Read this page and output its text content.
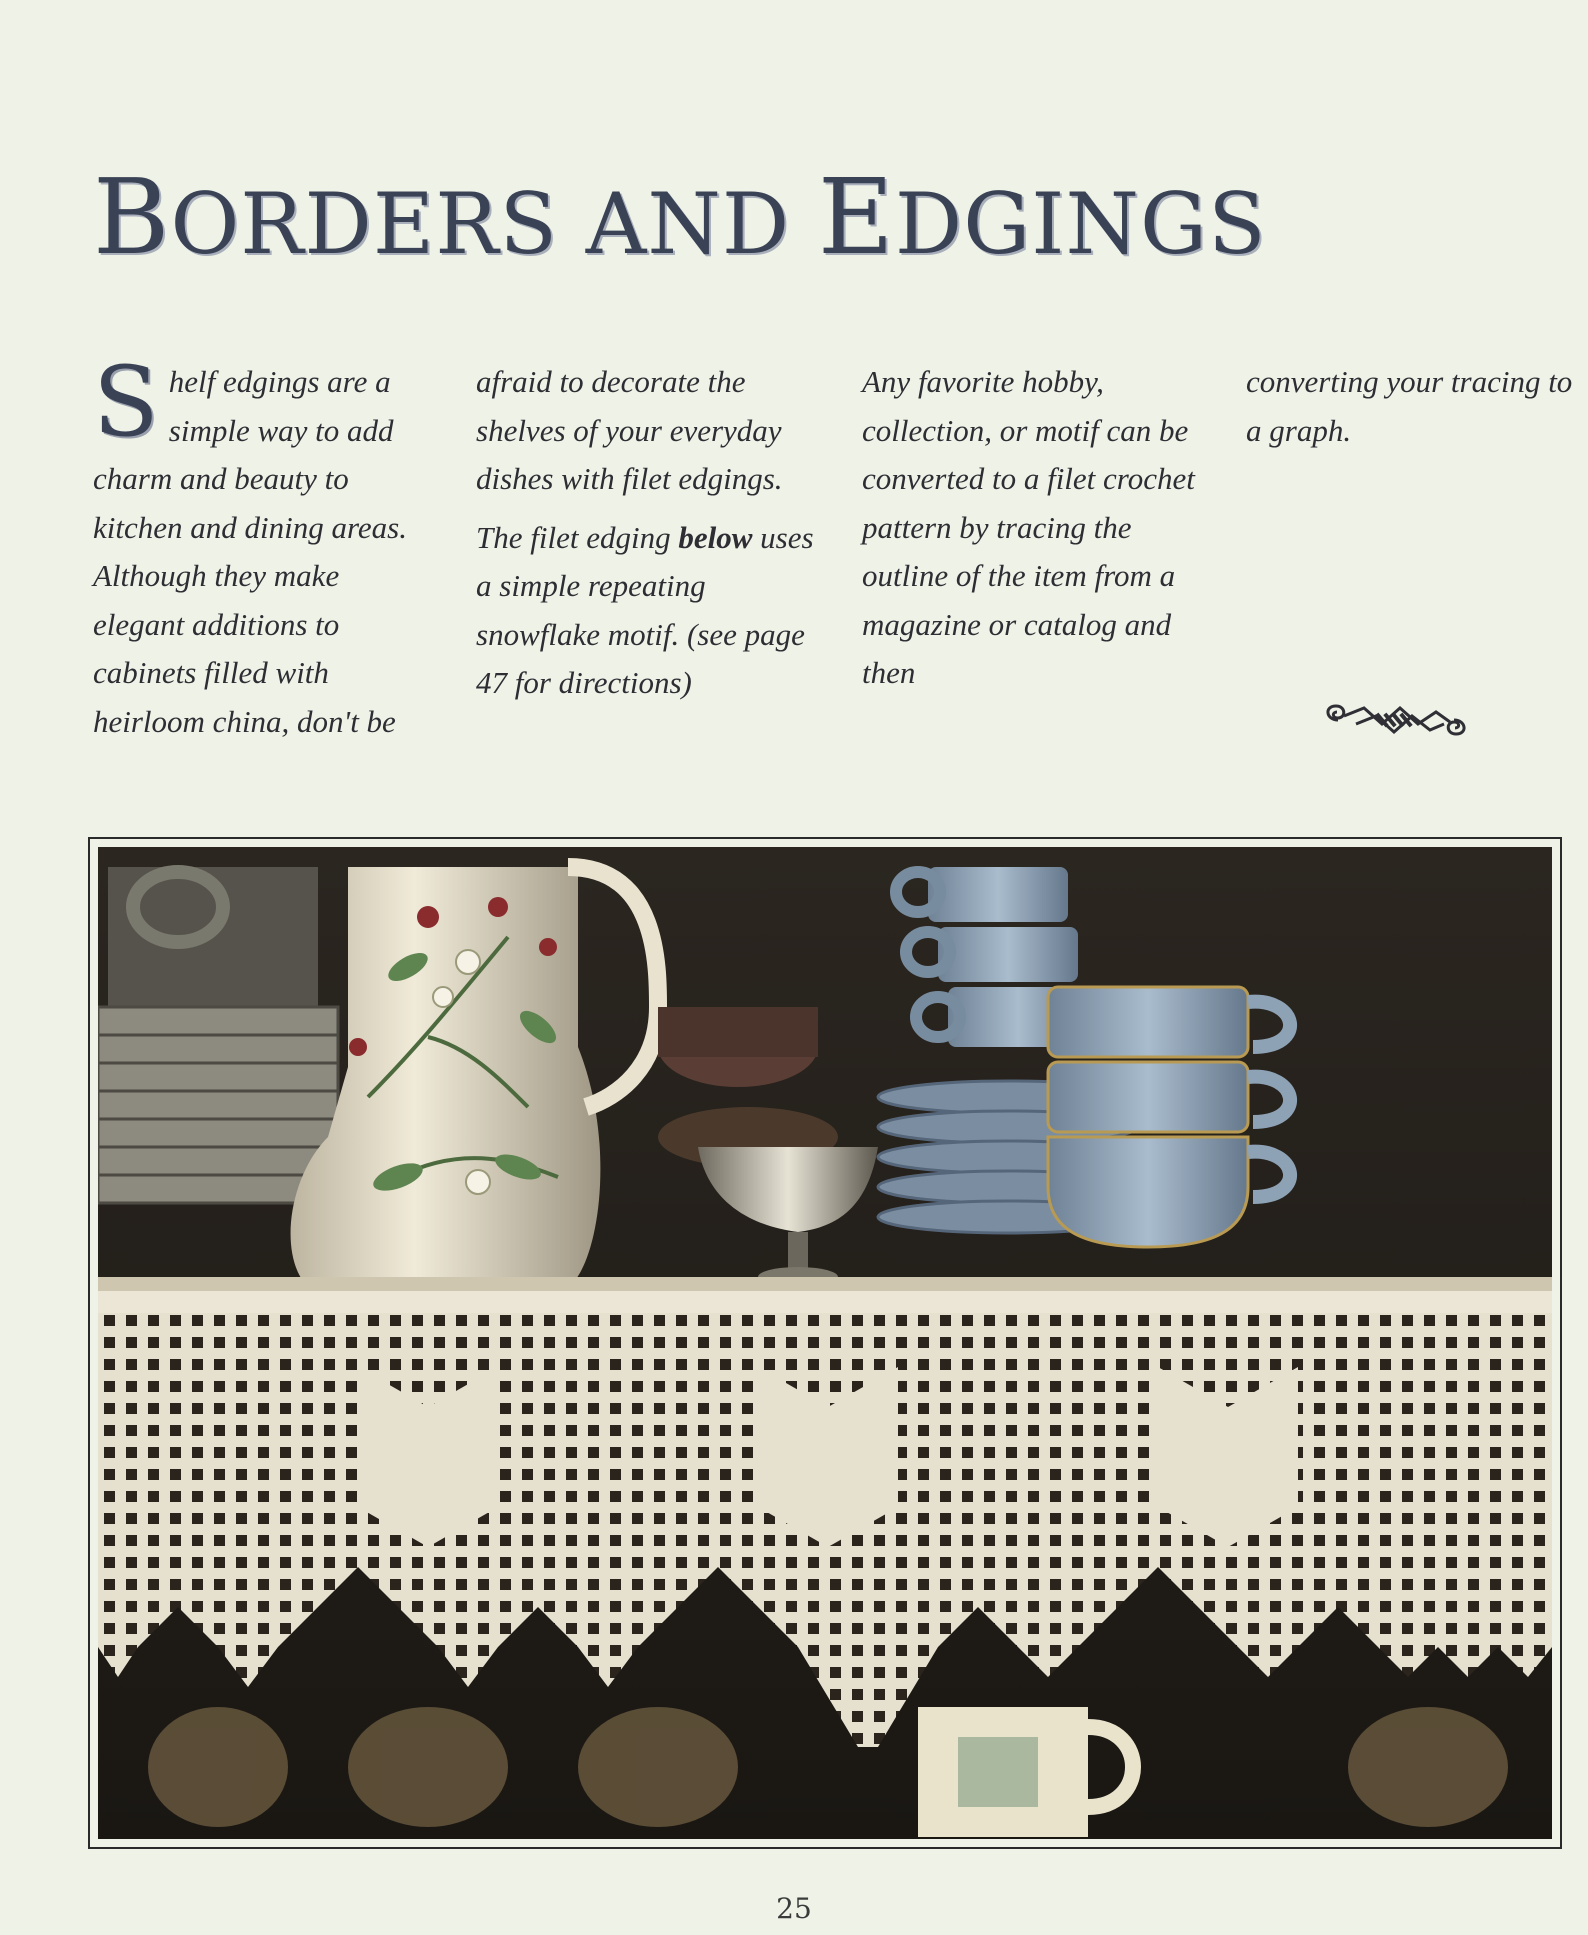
BORDERS AND EDGINGS

Shelf edgings are a simple way to add charm and beauty to kitchen and dining areas. Although they make elegant additions to cabinets filled with heirloom china, don't be

afraid to decorate the shelves of your everyday dishes with filet edgings.

The filet edging below uses a simple repeating snowflake motif. (see page 47 for directions)

Any favorite hobby, collection, or motif can be converted to a filet crochet pattern by tracing the outline of the item from a magazine or catalog and then

converting your tracing to a graph.

25
